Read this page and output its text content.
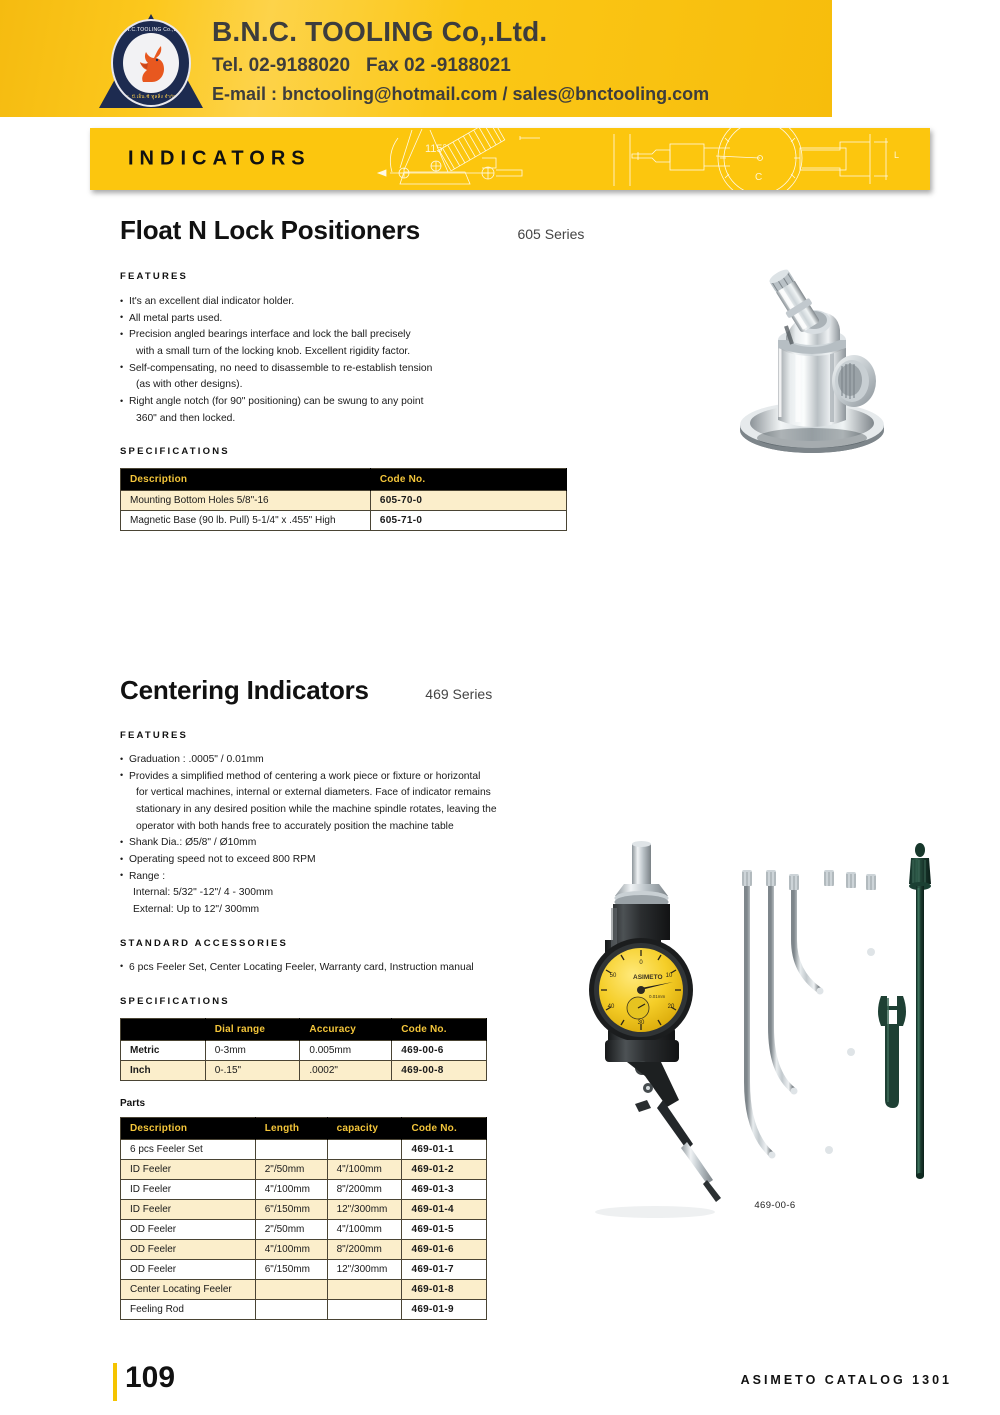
B.N.C.TOOLING Co.,Ltd
บ. บี.เอ็น.ซี ทูลลิ่ง จำกัด
B.N.C. TOOLING Co,.Ltd.
Tel. 02-9188020 Fax 02 -9188021
E-mail : bnctooling@hotmail.com / sales@bnctooling.com
115°
C
L
INDICATORS
Float N Lock Positioners	605 Series
FEATURES
• It's an excellent dial indicator holder.
• All metal parts used.
• Precision angled bearings interface and lock the ball precisely
with a small turn of the locking knob. Excellent rigidity factor.
• Self-compensating, no need to disassemble to re-establish tension
(as with other designs).
• Right angle notch (for 90" positioning) can be swung to any point
360" and then locked.
SPECIFICATIONS
Description	Code No.
Mounting Bottom Holes 5/8"-16	605-70-0
Magnetic Base (90 lb. Pull) 5-1/4" x .455" High	605-71-0
Centering Indicators	469 Series
FEATURES
• Graduation : .0005" / 0.01mm
• Provides a simplified method of centering a work piece or fixture or horizontal
for vertical machines, internal or external diameters. Face of indicator remains
stationary in any desired position while the machine spindle rotates, leaving the
operator with both hands free to accurately position the machine table
• Shank Dia.: Ø5/8" / Ø10mm
• Operating speed not to exceed 800 RPM
• Range :
Internal: 5/32" -12"/ 4 - 300mm
External: Up to 12"/ 300mm
STANDARD ACCESSORIES
• 6 pcs Feeler Set, Center Locating Feeler, Warranty card, Instruction manual
SPECIFICATIONS
	Dial range	Accuracy	Code No.
Metric	0-3mm	0.005mm	469-00-6
Inch	0-.15"	.0002"	469-00-8
Parts
Description	Length	capacity	Code No.
6 pcs Feeler Set			469-01-1
ID Feeler	2"/50mm	4"/100mm	469-01-2
ID Feeler	4"/100mm	8"/200mm	469-01-3
ID Feeler	6"/150mm	12"/300mm	469-01-4
OD Feeler	2"/50mm	4"/100mm	469-01-5
OD Feeler	4"/100mm	8"/200mm	469-01-6
OD Feeler	6"/150mm	12"/300mm	469-01-7
Center Locating Feeler			469-01-8
Feeling Rod			469-01-9
0
10
20
30
40
50	ASIMETO
0.01mm
469-00-6
109	ASIMETO CATALOG 1301
